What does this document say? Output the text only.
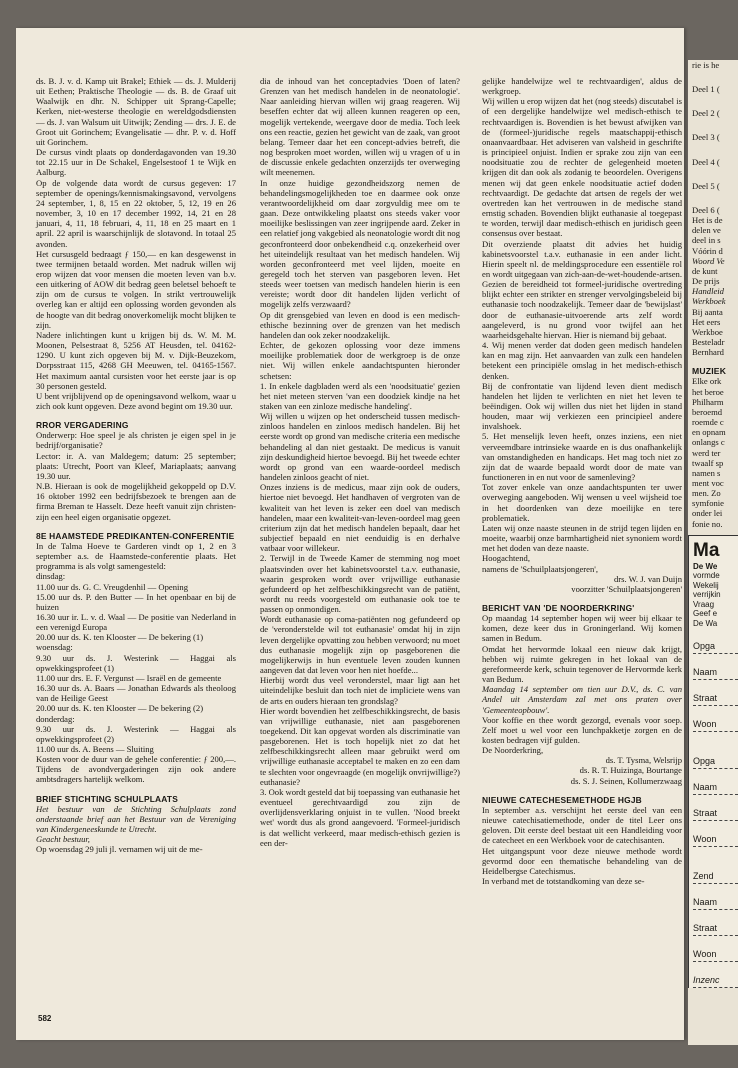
ds. B. J. v. d. Kamp uit Brakel; Ethiek — ds. J. Mulderij uit Eethen; Praktische Theologie — ds. B. de Graaf uit Waalwijk en dhr. N. Schipper uit Sprang-Capelle; Kerken, niet-westerse theologie en wereldgodsdiensten — ds. J. van Walsum uit Uitwijk; Zending — drs. J. E. de Groot uit Gorinchem; Evangelisatie — dhr. P. v. d. Hoff uit Gorinchem.

De cursus vindt plaats op donderdagavonden van 19.30 tot 22.15 uur in De Schakel, Engelsestoof 1 te Wijk en Aalburg.

Op de volgende data wordt de cursus gegeven: 17 september de openings/kennismakingsavond, vervolgens 24 september, 1, 8, 15 en 22 oktober, 5, 12, 19 en 26 november, 3, 10 en 17 december 1992, 14, 21 en 28 januari, 4, 11, 18 februari, 4, 11, 18 en 25 maart en 1 april. 22 april is waarschijnlijk de slotavond. In totaal 25 avonden.

Het cursusgeld bedraagt ƒ 150,— en kan desgewenst in twee termijnen betaald worden. Met nadruk willen wij erop wijzen dat voor mensen die moeten leven van b.v. een uitkering of AOW dit bedrag geen beletsel behoeft te zijn om de cursus te volgen. In strikt vertrouwelijk overleg kan er altijd een oplossing worden gevonden als de hoogte van dit bedrag onoverkomelijk mocht blijken te zijn.

Nadere inlichtingen kunt u krijgen bij ds. W. M. M. Moonen, Pelsestraat 8, 5256 AT Heusden, tel. 04162-1290. U kunt zich opgeven bij M. v. Dijk-Beuzekom, Dorpsstraat 115, 4268 GH Meeuwen, tel. 04165-1567. Het maximum aantal cursisten voor het eerste jaar is op 30 personen gesteld.

U bent vrijblijvend op de openingsavond welkom, waar u zich ook kunt opgeven. Deze avond begint om 19.30 uur.

RROR VERGADERING

Onderwerp: Hoe speel je als christen je eigen spel in je bedrijf/organisatie?

Lector: ir. A. van Maldegem; datum: 25 september; plaats: Utrecht, Poort van Kleef, Mariaplaats; aanvang 19.30 uur.

N.B. Hieraan is ook de mogelijkheid gekoppeld op D.V. 16 oktober 1992 een bedrijfsbezoek te brengen aan de firma Breman te Hasselt. Deze heeft vanuit zijn christen-zijn een heel eigen organisatie opgezet.

8E HAAMSTEDE PREDIKANTEN-CONFERENTIE

In de Talma Hoeve te Garderen vindt op 1, 2 en 3 september a.s. de Haamstede-conferentie plaats. Het programma is als volgt samengesteld:

dinsdag:

11.00 uur ds. G. C. Vreugdenhil — Opening

15.00 uur ds. P. den Butter — In het openbaar en bij de huizen

16.30 uur ir. L. v. d. Waal — De positie van Nederland in een verenigd Europa

20.00 uur ds. K. ten Klooster — De bekering (1)

woensdag:

9.30 uur ds. J. Westerink — Haggai als opwekkingsprofeet (1)

11.00 uur drs. E. F. Vergunst — Israël en de gemeente

16.30 uur ds. A. Baars — Jonathan Edwards als theoloog van de Heilige Geest

20.00 uur ds. K. ten Klooster — De bekering (2)

donderdag:

9.30 uur ds. J. Westerink — Haggai als opwekkingsprofeet (2)

11.00 uur ds. A. Beens — Sluiting

Kosten voor de duur van de gehele conferentie: ƒ 200,—. Tijdens de avondvergaderingen zijn ook andere ambtsdragers hartelijk welkom.

BRIEF STICHTING SCHULPLAATS

Het bestuur van de Stichting Schulplaats zond onderstaande brief aan het Bestuur van de Vereniging van Kindergeneeskunde te Utrecht.

Geacht bestuur,

Op woensdag 29 juli jl. vernamen wij uit de me-

dia de inhoud van het conceptadvies 'Doen of laten? Grenzen van het medisch handelen in de neonatologie'. Naar aanleiding hiervan willen wij graag reageren. Wij beseffen echter dat wij alleen kunnen reageren op een, mogelijk vertekende, weergave door de media. Toch leek ons een reactie, gezien het gewicht van de zaak, van groot belang. Temeer daar het een concept-advies betreft, die nog besproken moet worden, willen wij u vragen of u in de discussie enkele gedachten onzerzijds ter overweging wilt meenemen.

In onze huidige gezondheidszorg nemen de behandelingsmogelijkheden toe en daarmee ook onze verantwoordelijkheid om daar zorgvuldig mee om te gaan. Deze ontwikkeling plaatst ons steeds vaker voor moeilijke beslissingen van zeer ingrijpende aard. Zeker in een relatief jong vakgebied als neonatologie wordt dit nog geconfronteerd door onbekendheid c.q. onzekerheid over het uiteindelijk resultaat van het medisch handelen. Wij worden geconfronteerd met veel lijden, moeite en geregeld toch het sterven van pasgeboren leven. Het steeds weer toetsen van medisch handelen hierin is een vereiste; wordt door dit handelen lijden verlicht of mogelijk zelfs verzwaard?

Op dit grensgebied van leven en dood is een medisch-ethische bezinning over de grenzen van het medisch handelen dan ook zeker noodzakelijk.

Echter, de gekozen oplossing voor deze immens moeilijke problematiek door de werkgroep is de onze niet. Wij willen enkele aandachtspunten hieronder schetsen:

1. In enkele dagbladen werd als een 'noodsituatie' gezien het niet meteen sterven 'van een doodziek kindje na het staken van een zinloze medische handeling'.

Wij willen u wijzen op het onderscheid tussen medisch-zinloos handelen en zinloos medisch handelen. Bij het eerste wordt op grond van medische criteria een medische behandeling al dan niet gestaakt. De medicus is vanuit zijn deskundigheid hiertoe bevoegd. Bij het tweede echter wordt op grond van een waarde-oordeel medisch handelen zinloos geacht of niet.

Onzes inziens is de medicus, maar zijn ook de ouders, hiertoe niet bevoegd. Het handhaven of vergroten van de kwaliteit van het leven is zeker een doel van medisch handelen, maar een kwaliteit-van-leven-oordeel mag geen criterium zijn dat het medisch handelen bepaalt, daar het subjectief bepaald en niet eenduidig is en derhalve vatbaar voor willekeur.

2. Terwijl in de Tweede Kamer de stemming nog moet plaatsvinden over het kabinetsvoorstel t.a.v. euthanasie, waarin gesproken wordt over vrijwillige euthanasie gefundeerd op het zelfbeschikkingsrecht van de patiënt, wordt nu reeds voorgesteld om euthanasie ook toe te passen op onmondigen.

Wordt euthanasie op coma-patiënten nog gefundeerd op de 'veronderstelde wil tot euthanasie' omdat hij in zijn leven dergelijke opvatting zou hebben verwoord; nu moet dus euthanasie mogelijk zijn op pasgeborenen die mogelijkerwijs in hun eventuele leven zouden kunnen aangeven dat dat leven voor hen niet hoefde...

Hierbij wordt dus veel veronderstel, maar ligt aan het uiteindelijke besluit dan toch niet de impliciete wens van de arts en ouders hieraan ten grondslag?

Hier wordt bovendien het zelfbeschikkingsrecht, de basis van vrijwillige euthanasie, niet aan pasgeborenen toegekend. Dit kan opgevat worden als discriminatie van pasgeborenen. Het is toch hopelijk niet zo dat het zelfbeschikkingsrecht alleen maar gebruikt werd om vrijwillige euthanasie acceptabel te maken en zo een dam te slechten voor ongevraagde (en mogelijk onvrijwillige?) euthanasie?

3. Ook wordt gesteld dat bij toepassing van euthanasie het eventueel gerechtvaardigd zou zijn de overlijdensverklaring onjuist in te vullen. 'Nood breekt wet' wordt dus als grond aangevoerd. 'Formeel-juridisch is dat wellicht verkeerd, maar medisch-ethisch gezien is een der-

gelijke handelwijze wel te rechtvaardigen', aldus de werkgroep.

Wij willen u erop wijzen dat het (nog steeds) discutabel is of een dergelijke handelwijze wel medisch-ethisch te rechtvaardigen is. Bovendien is het bewust afwijken van de (formeel-)juridische regels maatschappij-ethisch onaanvaardbaar. Het adviseren van valsheid in geschrifte is principieel onjuist. Indien er sprake zou zijn van een noodsituatie zou de rechter de gelegenheid moeten krijgen dit dan ook als zodanig te beoordelen. Overigens menen wij dat geen enkele noodsituatie actief doden rechtvaardigt. De gedachte dat artsen de regels der wet overtreden kan het vertrouwen in de medische stand ernstig schaden. Bovendien blijkt euthanasie al toegepast te worden, terwijl daar medisch-ethisch en juridisch geen consensus over bestaat.

Dit overziende plaatst dit advies het huidig kabinetsvoorstel t.a.v. euthanasie in een ander licht. Hierin speelt nl. de meldingsprocedure een essentiële rol en wordt uitgegaan van zich-aan-de-wet-houdende-artsen. Gezien de bereidheid tot formeel-juridische overtreding blijkt echter een strikter en strenger vervolgingsbeleid bij euthanasie toch noodzakelijk. Temeer daar de 'bewijslast' door de euthanasie-uitvoerende arts zelf wordt aangeleverd, is nu grond voor twijfel aan het waarheidsgehalte hiervan. Hier is niemand bij gebaat.

4. Wij menen verder dat doden geen medisch handelen kan en mag zijn. Het aanvaarden van zulk een handelen betekent een principiële omslag in het medisch-ethisch denken.

Bij de confrontatie van lijdend leven dient medisch handelen het lijden te verlichten en niet het leven te beëindigen. Ook wij willen dus niet het lijden in stand houden, maar wij verkiezen een principieel andere invalshoek.

5. Het menselijk leven heeft, onzes inziens, een niet verveemdbare intrinsieke waarde en is dus onafhankelijk van omstandigheden en handicaps. Het mag toch niet zo zijn dat de waarde bepaald wordt door de mate van functioneren in en nut voor de samenleving?

Tot zover enkele van onze aandachtspunten ter uwer overweging aangeboden. Wij wensen u veel wijsheid toe in het doordenken van deze moeilijke en tere problematiek.

Laten wij onze naaste steunen in de strijd tegen lijden en moeite, waarbij onze barmhartigheid niet synoniem wordt met het doden van deze naaste.

Hoogachtend,

namens de 'Schuilplaatsjongeren',

drs. W. J. van Duijn

voorzitter 'Schuilplaatsjongeren'

BERICHT VAN 'DE NOORDERKRING'

Op maandag 14 september hopen wij weer bij elkaar te komen, deze keer dus in Groningerland. Wij komen samen in Bedum.

Omdat het hervormde lokaal een nieuw dak krijgt, hebben wij ruimte gekregen in het lokaal van de gereformeerde kerk, schuin tegenover de Hervormde kerk van Bedum.

Maandag 14 september om tien uur D.V., ds. C. van Andel uit Amsterdam zal met ons praten over 'Gemeenteopbouw'.

Voor koffie en thee wordt gezorgd, evenals voor soep. Zelf moet u wel voor een lunchpakketje zorgen en de kosten bedragen vijf gulden.

De Noorderkring,

ds. T. Tysma, Welsrijp

ds. R. T. Huizinga, Bourtange

ds. S. J. Seinen, Kollumerzwaag

NIEUWE CATECHESEMETHODE HGJB

In september a.s. verschijnt het eerste deel van een nieuwe catechisatiemethode, onder de titel Leer ons geloven. Dit eerste deel bestaat uit een Handleiding voor de catecheet en een Werkboek voor de catechisanten.

Het uitgangspunt voor deze nieuwe methode wordt gevormd door een thematische behandeling van de Heidelbergse Catechismus.

In verband met de totstandkoming van deze se-

582

rie is he

Deel 1 (

Deel 2 (

Deel 3 (

Deel 4 (

Deel 5 (

Deel 6 (

Het is de

delen ve

deel in s

Vóórin d

Woord Ve

de kunt

De prijs

Handleid

Werkboek

Bij aanta

Het eers

Werkboe

Besteladr

Bernhard

MUZIEK

Elke ork

het beroe

Philharm

beroemd

roemde c

en opnam

onlangs c

werd ter

twaalf sp

namen s

ment voc

men. Zo

symfonie

onder lei

fonie no.

Ma

De We

vormde

Wekelij

verrijkin

Vraag

Geef e

De Wa

Opga

Naam

Straat

Woon

Opga

Naam

Straat

Woon

Zend

Naam

Straat

Woon

Inzenc
